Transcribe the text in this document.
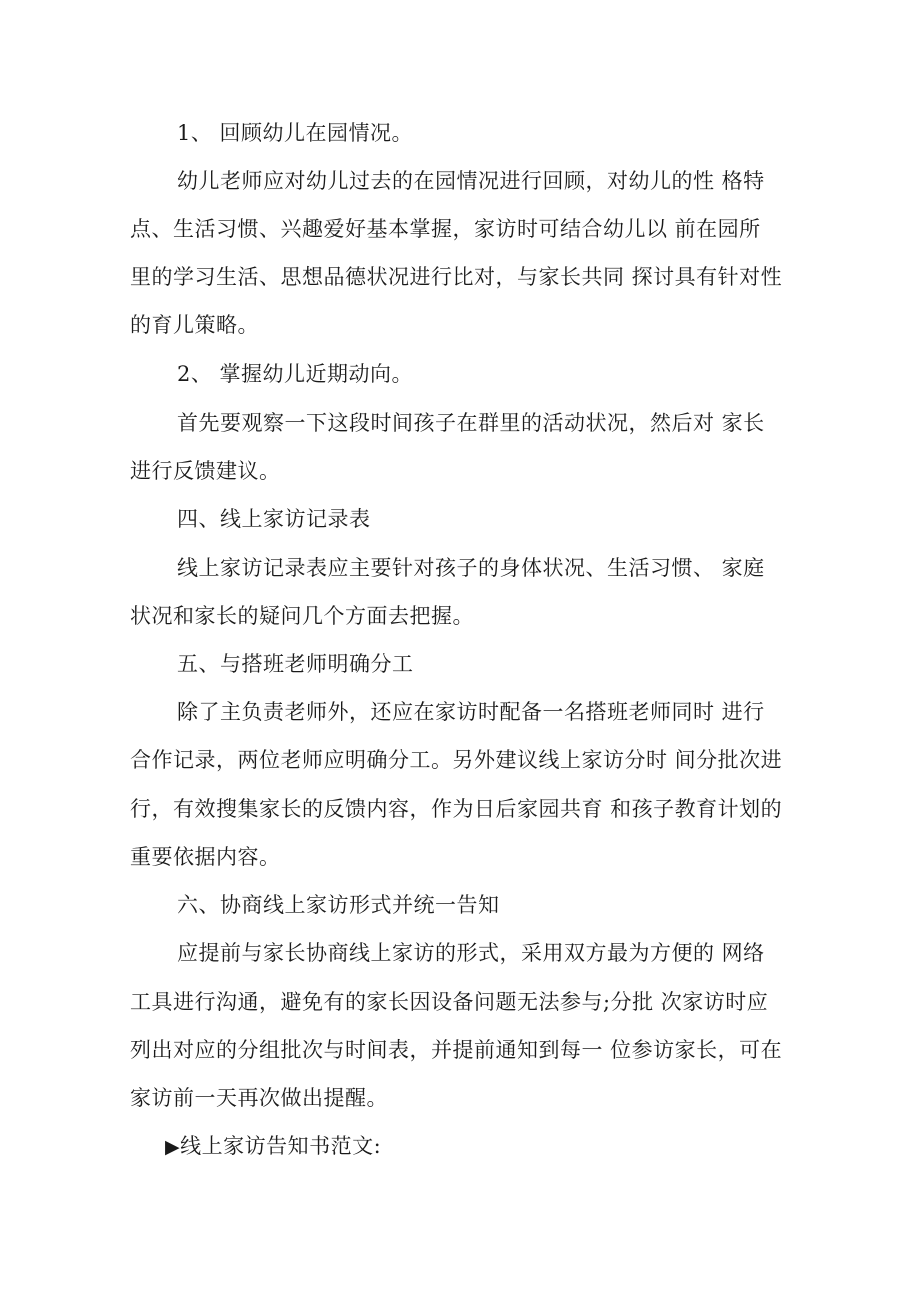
1、 回顾幼儿在园情况。
幼儿老师应对幼儿过去的在园情况进行回顾，对幼儿的性 格特
点、生活习惯、兴趣爱好基本掌握，家访时可结合幼儿以 前在园所
里的学习生活、思想品德状况进行比对，与家长共同 探讨具有针对性
的育儿策略。
2、 掌握幼儿近期动向。
首先要观察一下这段时间孩子在群里的活动状况，然后对 家长
进行反馈建议。
四、线上家访记录表
线上家访记录表应主要针对孩子的身体状况、生活习惯、 家庭
状况和家长的疑问几个方面去把握。
五、与搭班老师明确分工
除了主负责老师外，还应在家访时配备一名搭班老师同时 进行
合作记录，两位老师应明确分工。另外建议线上家访分时 间分批次进
行，有效搜集家长的反馈内容，作为日后家园共育 和孩子教育计划的
重要依据内容。
六、协商线上家访形式并统一告知
应提前与家长协商线上家访的形式，采用双方最为方便的 网络
工具进行沟通，避免有的家长因设备问题无法参与;分批 次家访时应
列出对应的分组批次与时间表，并提前通知到每一 位参访家长，可在
家访前一天再次做出提醒。
▶线上家访告知书范文:
